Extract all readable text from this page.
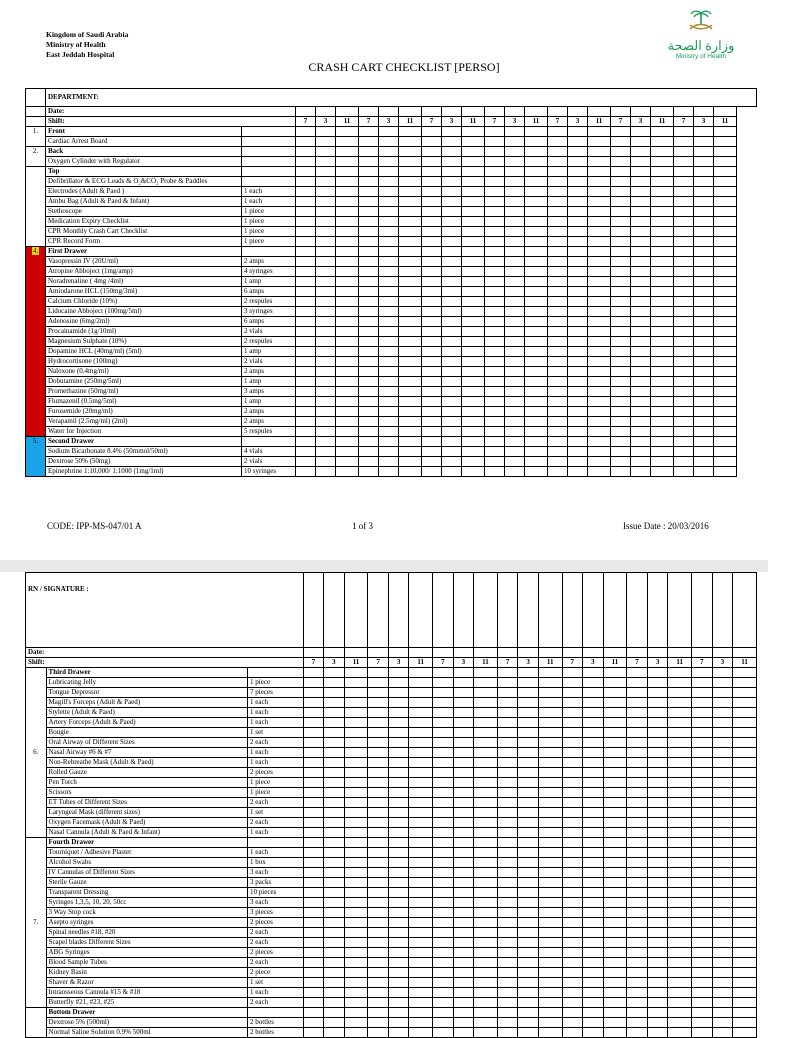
Kingdom of Saudi Arabia
Ministry of Health
East Jeddah Hospital
وزارة الصحة
Ministry of Health
CRASH CART CHECKLIST [PERSO]
	DEPARTMENT:																						
	Date:																						
	Shift:		7	3	11	7	3	11	7	3	11	7	3	11	7	3	11	7	3	11	7	3	11
1.	Front																						
	Cardiac Arrest Board																						
2.	Back																						
	Oxygen Cylinder with Regulator																						
	Top																						
	Defibrillator & ECG Leads & O₂&CO₂ Probe & Paddles																						
	Electrodes (Adult & Paed )	1 each																					
	Ambu Bag (Adult & Paed & Infant)	1 each																					
	Stethoscope	1 piece																					
	Medication Expiry Checklist	1 piece																					
	CPR Monthly Crash Cart Checklist	1 piece																					
	CPR Record Form	1 piece																					
4.	First Drawer																						
	Vasopressin IV (20U/ml)	2 amps																					
	Atropine Abboject (1mg/amp)	4 syringes																					
	Noradrenaline ( 4mg /4ml)	1 amp																					
	Amiodarone HCL (150mg/3ml)	6 amps																					
	Calcium Chloride (10%)	2 respules																					
	Lidocaine Abboject (100mg/5ml)	3 syringes																					
	Adenosine (6mg/2ml)	6 amps																					
	Procainamide (1g/10ml)	2 vials																					
	Magnesium Sulphate (10%)	2 respules																					
	Dopamine HCL (40mg/ml) (5ml)	1 amp																					
	Hydrocortisone (100mg)	2 vials																					
	Naloxone (0.4mg/ml)	2 amps																					
	Dobutamine (250mg/5ml)	1 amp																					
	Promethazine (50mg/ml)	3 amps																					
	Flumazenil (0.5mg/5ml)	1 amp																					
	Furosemide (20mg/ml)	2 amps																					
	Verapamil (2.5mg/ml) (2ml)	2 amps																					
	Water for Injection	5 respules																					
5.	Second Drawer																						
	Sodium Bicarbonate 8.4% (50mmol/50ml)	4 vials																					
	Dextrose 50% (50mg)	2 vials																					
	Epinephrine 1:10,000/ 1:1000 (1mg/1ml)	10 syringes																					
CODE: IPP-MS-047/01 A	1 of 3	Issue Date : 20/03/2016
RN / SIGNATURE :																							
Date:																							
Shift:			7	3	11	7	3	11	7	3	11	7	3	11	7	3	11	7	3	11	7	3	11
6.	Third Drawer																						
	Lubricating Jelly	1 piece																					
	Tongue Depressor	7 pieces																					
	Magill's Forceps (Adult & Paed)	1 each																					
	Stylette (Adult & Paed)	1 each																					
	Artery Forceps (Adult & Paed)	1 each																					
	Bougie	1 set																					
	Oral Airway of Different Sizes	2 each																					
	Nasal Airway #6 & #7	1 each																					
	Non-Rebreathe Mask (Adult & Paed)	1 each																					
	Rolled Gauze	2 pieces																					
	Pen Torch	1 piece																					
	Scissors	1 piece																					
	ET Tubes of Different Sizes	2 each																					
	Laryngeal Mask (different sizes)	1 set																					
	Oxygen Facemask (Adult & Paed)	2 each																					
	Nasal Cannula (Adult & Paed & Infant)	1 each																					
7.	Fourth Drawer																						
	Tourniquet / Adhesive Plaster	1 each																					
	Alcohol Swabs	1 box																					
	IV Cannulas of Different Sizes	3 each																					
	Sterile Gauze	3 packs																					
	Transparent Dressing	10 pieces																					
	Syringes 1,3,5, 10, 20, 50cc	3 each																					
	3 Way Stop cock	3 pieces																					
	Asepto syringes	2 pieces																					
	Spinal needles #18, #20	2 each																					
	Scapel blades Different Sizes	2 each																					
	ABG Syringes	2 pieces																					
	Blood Sample Tubes	2 each																					
	Kidney Basin	2 piece																					
	Shaver & Razor	1 set																					
	Intraosseous Cannula #15 & #18	1 each																					
	Butterfly #21, #23, #25	2 each																					
	Bottom Drawer																						
	Dextrose 5% (500ml)	2 bottles																					
	Normal Saline Solution 0.9% 500ml	2 bottles																					
